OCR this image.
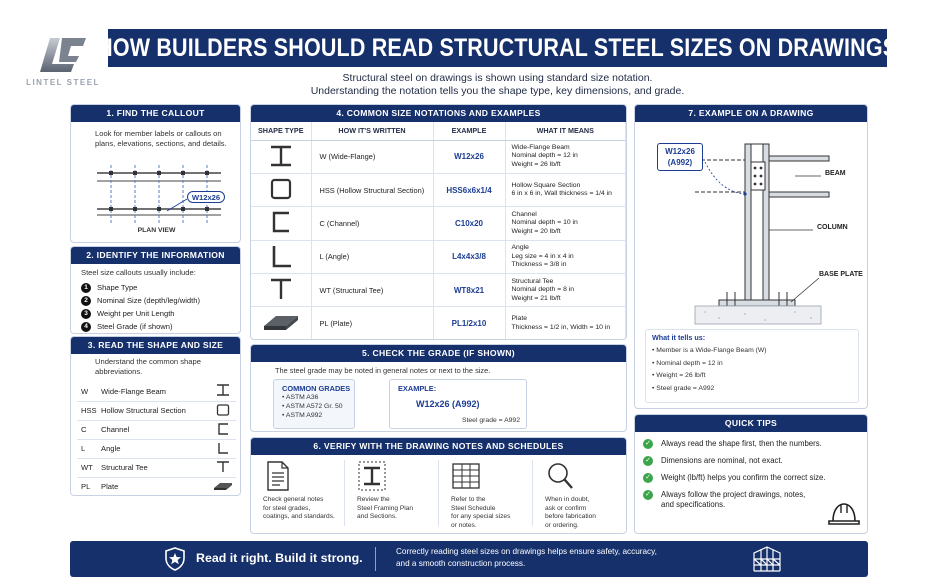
LINTEL STEEL
HOW BUILDERS SHOULD READ STRUCTURAL STEEL SIZES ON DRAWINGS
Structural steel on drawings is shown using standard size notation.
Understanding the notation tells you the shape type, key dimensions, and grade.
1. FIND THE CALLOUT
Look for member labels or callouts on plans, elevations, sections, and details.
W12x26
PLAN VIEW
2. IDENTIFY THE INFORMATION
Steel size callouts usually include:
1	Shape Type
2	Nominal Size (depth/leg/width)
3	Weight per Unit Length
4	Steel Grade (if shown)
3. READ THE SHAPE AND SIZE
Understand the common shape abbreviations.
W	Wide-Flange Beam	
HSS	Hollow Structural Section	
C	Channel	
L	Angle	
WT	Structural Tee	
PL	Plate	
4. COMMON SIZE NOTATIONS AND EXAMPLES
SHAPE TYPE	HOW IT'S WRITTEN	EXAMPLE	WHAT IT MEANS
	W (Wide-Flange)	W12x26	Wide-Flange Beam
Nominal depth = 12 in
Weight = 26 lb/ft

	HSS (Hollow Structural Section)	HSS6x6x1/4	Hollow Square Section
6 in x 6 in, Wall thickness = 1/4 in

	C (Channel)	C10x20	Channel
Nominal depth = 10 in
Weight = 20 lb/ft

	L (Angle)	L4x4x3/8	Angle
Leg size = 4 in x 4 in
Thickness = 3/8 in

	WT (Structural Tee)	WT8x21	Structural Tee
Nominal depth = 8 in
Weight = 21 lb/ft

	PL (Plate)	PL1/2x10	Plate
Thickness = 1/2 in, Width = 10 in
5. CHECK THE GRADE (IF SHOWN)
The steel grade may be noted in general notes or next to the size.
COMMON GRADES
• ASTM A36
• ASTM A572 Gr. 50
• ASTM A992
EXAMPLE:
W12x26 (A992)
Steel grade = A992
6. VERIFY WITH THE DRAWING NOTES AND SCHEDULES
Check general notes
for steel grades,
coatings, and standards.
Review the
Steel Framing Plan
and Sections.
Refer to the
Steel Schedule
for any special sizes
or notes.
When in doubt,
ask or confirm
before fabrication
or ordering.
7. EXAMPLE ON A DRAWING
W12x26
(A992)
BEAM
COLUMN
BASE PLATE
What it tells us:
• Member is a Wide-Flange Beam (W)
• Nominal depth = 12 in
• Weight = 26 lb/ft
• Steel grade = A992
QUICK TIPS
✓ Always read the shape first, then the numbers.
✓ Dimensions are nominal, not exact.
✓ Weight (lb/ft) helps you confirm the correct size.
✓ Always follow the project drawings, notes,
and specifications.
Read it right. Build it strong.	Correctly reading steel sizes on drawings helps ensure safety, accuracy,
and a smooth construction process.
